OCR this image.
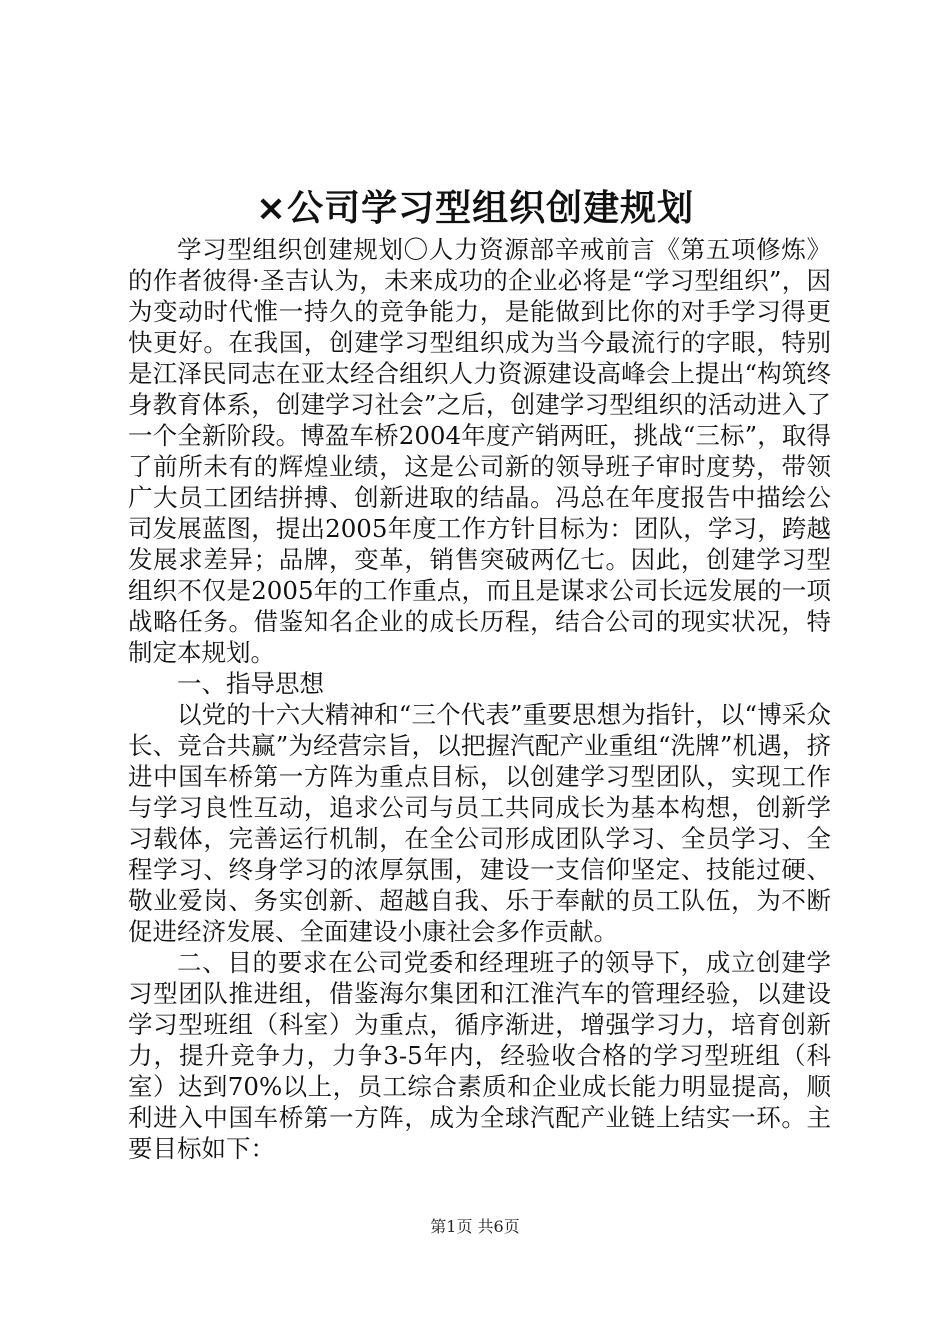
×公司学习型组织创建规划

学习型组织创建规划〇人力资源部辛戒前言《第五项修炼》的作者彼得·圣吉认为，未来成功的企业必将是“学习型组织”，因为变动时代惟一持久的竞争能力，是能做到比你的对手学习得更快更好。在我国，创建学习型组织成为当今最流行的字眼，特别是江泽民同志在亚太经合组织人力资源建设高峰会上提出“构筑终身教育体系，创建学习社会”之后，创建学习型组织的活动进入了一个全新阶段。博盈车桥2004年度产销两旺，挑战“三标”，取得了前所未有的辉煌业绩，这是公司新的领导班子审时度势，带领广大员工团结拼搏、创新进取的结晶。冯总在年度报告中描绘公司发展蓝图，提出2005年度工作方针目标为：团队，学习，跨越发展求差异；品牌，变革，销售突破两亿七。因此，创建学习型组织不仅是2005年的工作重点，而且是谋求公司长远发展的一项战略任务。借鉴知名企业的成长历程，结合公司的现实状况，特制定本规划。

一、指导思想

以党的十六大精神和“三个代表”重要思想为指针，以“博采众长、竞合共赢”为经营宗旨，以把握汽配产业重组“洗牌”机遇，挤进中国车桥第一方阵为重点目标，以创建学习型团队，实现工作与学习良性互动，追求公司与员工共同成长为基本构想，创新学习载体，完善运行机制，在全公司形成团队学习、全员学习、全程学习、终身学习的浓厚氛围，建设一支信仰坚定、技能过硬、敬业爱岗、务实创新、超越自我、乐于奉献的员工队伍，为不断促进经济发展、全面建设小康社会多作贡献。

二、目的要求在公司党委和经理班子的领导下，成立创建学习型团队推进组，借鉴海尔集团和江淮汽车的管理经验，以建设学习型班组（科室）为重点，循序渐进，增强学习力，培育创新力，提升竞争力，力争3-5年内，经验收合格的学习型班组（科室）达到70%以上，员工综合素质和企业成长能力明显提高，顺利进入中国车桥第一方阵，成为全球汽配产业链上结实一环。主要目标如下：

第1页 共6页
